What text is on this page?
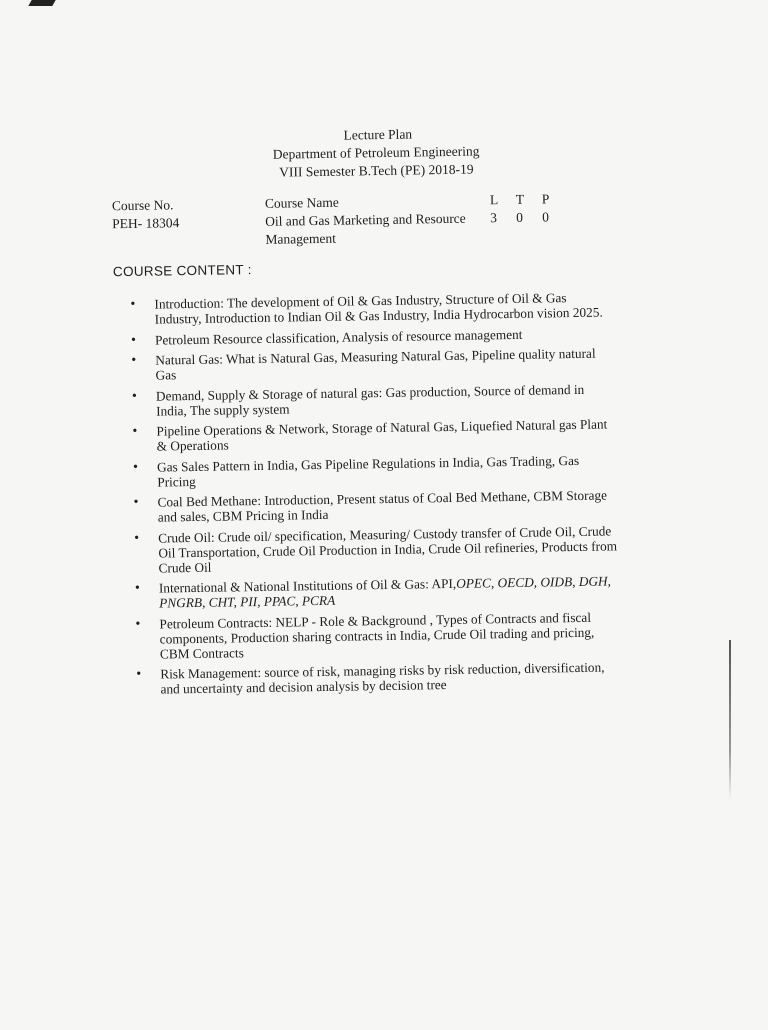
Lecture Plan
Department of Petroleum Engineering
VIII Semester B.Tech (PE) 2018-19
Course No.
PEH- 18304
Course Name
Oil and Gas Marketing and Resource Management
L	T	P
3	0	0
COURSE CONTENT :
• Introduction: The development of Oil & Gas Industry, Structure of Oil & Gas Industry, Introduction to Indian Oil & Gas Industry, India Hydrocarbon vision 2025.
• Petroleum Resource classification, Analysis of resource management
• Natural Gas: What is Natural Gas, Measuring Natural Gas, Pipeline quality natural Gas
• Demand, Supply & Storage of natural gas: Gas production, Source of demand in India, The supply system
• Pipeline Operations & Network, Storage of Natural Gas, Liquefied Natural gas Plant & Operations
• Gas Sales Pattern in India, Gas Pipeline Regulations in India, Gas Trading, Gas Pricing
• Coal Bed Methane: Introduction, Present status of Coal Bed Methane, CBM Storage and sales, CBM Pricing in India
• Crude Oil: Crude oil/ specification, Measuring/ Custody transfer of Crude Oil, Crude Oil Transportation, Crude Oil Production in India, Crude Oil refineries, Products from Crude Oil
• International & National Institutions of Oil & Gas: API,OPEC, OECD, OIDB, DGH, PNGRB, CHT, PII, PPAC, PCRA
• Petroleum Contracts: NELP - Role & Background , Types of Contracts and fiscal components, Production sharing contracts in India, Crude Oil trading and pricing, CBM Contracts
• Risk Management: source of risk, managing risks by risk reduction, diversification, and uncertainty and decision analysis by decision tree
